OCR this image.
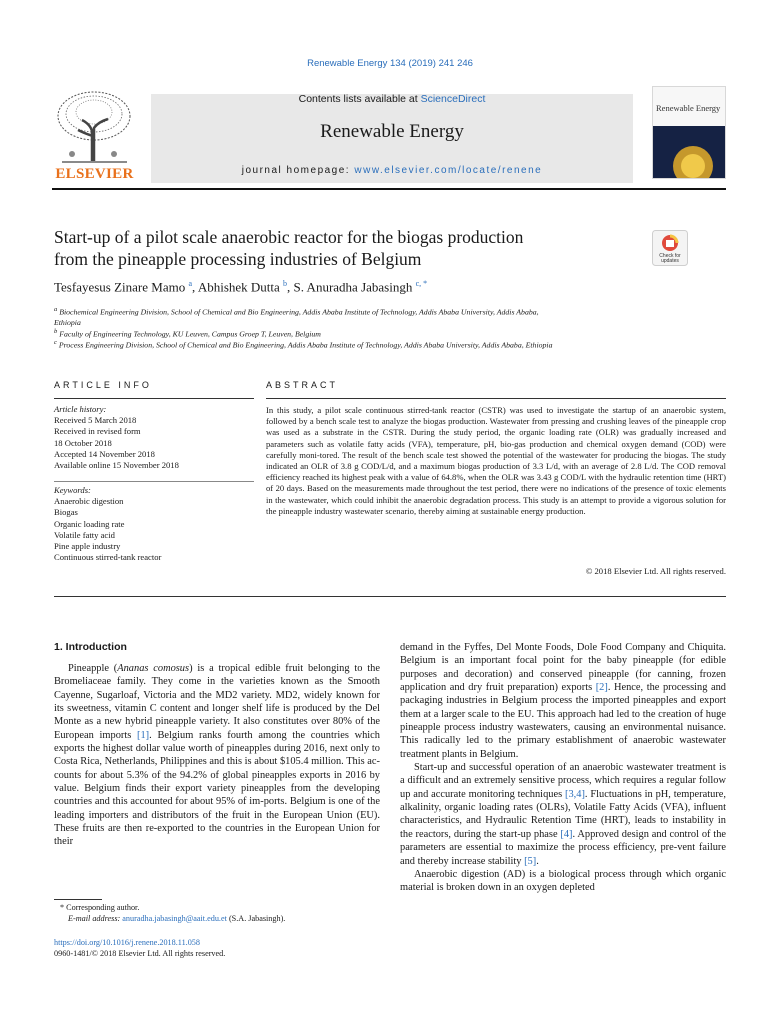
Renewable Energy 134 (2019) 241 246
ELSEVIER
Contents lists available at ScienceDirect
Renewable Energy
journal homepage: www.elsevier.com/locate/renene
Renewable Energy
Start-up of a pilot scale anaerobic reactor for the biogas production
from the pineapple processing industries of Belgium	Check for
updates
Tesfayesus Zinare Mamo $^a$, Abhishek Dutta $^b$, S. Anuradha Jabasingh $^{c, *}$
$^a$ Biochemical Engineering Division, School of Chemical and Bio Engineering, Addis Ababa Institute of Technology, Addis Ababa University, Addis Ababa,
Ethiopia
$^b$ Faculty of Engineering Technology, KU Leuven, Campus Groep T, Leuven, Belgium
$^c$ Process Engineering Division, School of Chemical and Bio Engineering, Addis Ababa Institute of Technology, Addis Ababa University, Addis Ababa, Ethiopia
ARTICLE INFO	ABSTRACT
Article history:
Received 5 March 2018
Received in revised form
18 October 2018
Accepted 14 November 2018
Available online 15 November 2018
Keywords:
Anaerobic digestion
Biogas
Organic loading rate
Volatile fatty acid
Pine apple industry
Continuous stirred-tank reactor
In this study, a pilot scale continuous stirred-tank reactor (CSTR) was used to investigate the startup of an anaerobic system, followed by a bench scale test to analyze the biogas production. Wastewater from pressing and crushing leaves of the pineapple crop was used as a substrate in the CSTR. During the study period, the organic loading rate (OLR) was gradually increased and parameters such as volatile fatty acids (VFA), temperature, pH, bio-gas production and chemical oxygen demand (COD) were carefully moni-tored. The result of the bench scale test showed the potential of the wastewater for producing the biogas. The study indicated an OLR of 3.8 g COD/L/d, and a maximum biogas production of 3.3 L/d, with an average of 2.8 L/d. The COD removal efficiency reached its highest peak with a value of 64.8%, when the OLR was 3.43 g COD/L with the hydraulic retention time (HRT) of 20 days. Based on the measurements made throughout the test period, there were no indications of the presence of toxic elements in the wastewater, which could inhibit the anaerobic degradation process. This study is an attempt to provide a vigorous solution for the pineapple industry wastewater scenario, thereby aiming at sustainable energy production.
© 2018 Elsevier Ltd. All rights reserved.
1. Introduction

Pineapple (Ananas comosus) is a tropical edible fruit belonging to the Bromeliaceae family. They come in the varieties known as the Smooth Cayenne, Sugarloaf, Victoria and the MD2 variety. MD2, widely known for its sweetness, vitamin C content and longer shelf life is produced by the Del Monte as a new hybrid pineapple variety. It also constitutes over 80% of the European imports [1]. Belgium ranks fourth among the countries which exports the highest dollar value worth of pineapples during 2016, next only to Costa Rica, Netherlands, Philippines and this is about $105.4 million. This ac-counts for about 5.3% of the 94.2% of global pineapples exports in 2016 by value. Belgium finds their export variety pineapples from the developing countries and this accounted for about 95% of im-ports. Belgium is one of the leading importers and distributors of the fruit in the European Union (EU). These fruits are then re-exported to the countries in the European Union for their

demand in the Fyffes, Del Monte Foods, Dole Food Company and Chiquita. Belgium is an important focal point for the baby pineapple (for edible purposes and decoration) and conserved pineapple (for canning, frozen application and dry fruit preparation) exports [2]. Hence, the processing and packaging industries in Belgium process the imported pineapples and export them at a larger scale to the EU. This approach had led to the creation of huge pineapple process industry wastewaters, causing an environmental nuisance. This radically led to the primary establishment of anaerobic wastewater treatment plants in Belgium.

Start-up and successful operation of an anaerobic wastewater treatment is a difficult and an extremely sensitive process, which requires a regular follow up and accurate monitoring techniques [3,4]. Fluctuations in pH, temperature, alkalinity, organic loading rates (OLRs), Volatile Fatty Acids (VFA), influent characteristics, and Hydraulic Retention Time (HRT), leads to instability in the reactors, during the start-up phase [4]. Approved design and control of the parameters are essential to maximize the process efficiency, pre-vent failure and thereby increase stability [5].

Anaerobic digestion (AD) is a biological process through which organic material is broken down in an oxygen depleted

* Corresponding author.
E-mail address: anuradha.jabasingh@aait.edu.et (S.A. Jabasingh).
https://doi.org/10.1016/j.renene.2018.11.058
0960-1481/© 2018 Elsevier Ltd. All rights reserved.
